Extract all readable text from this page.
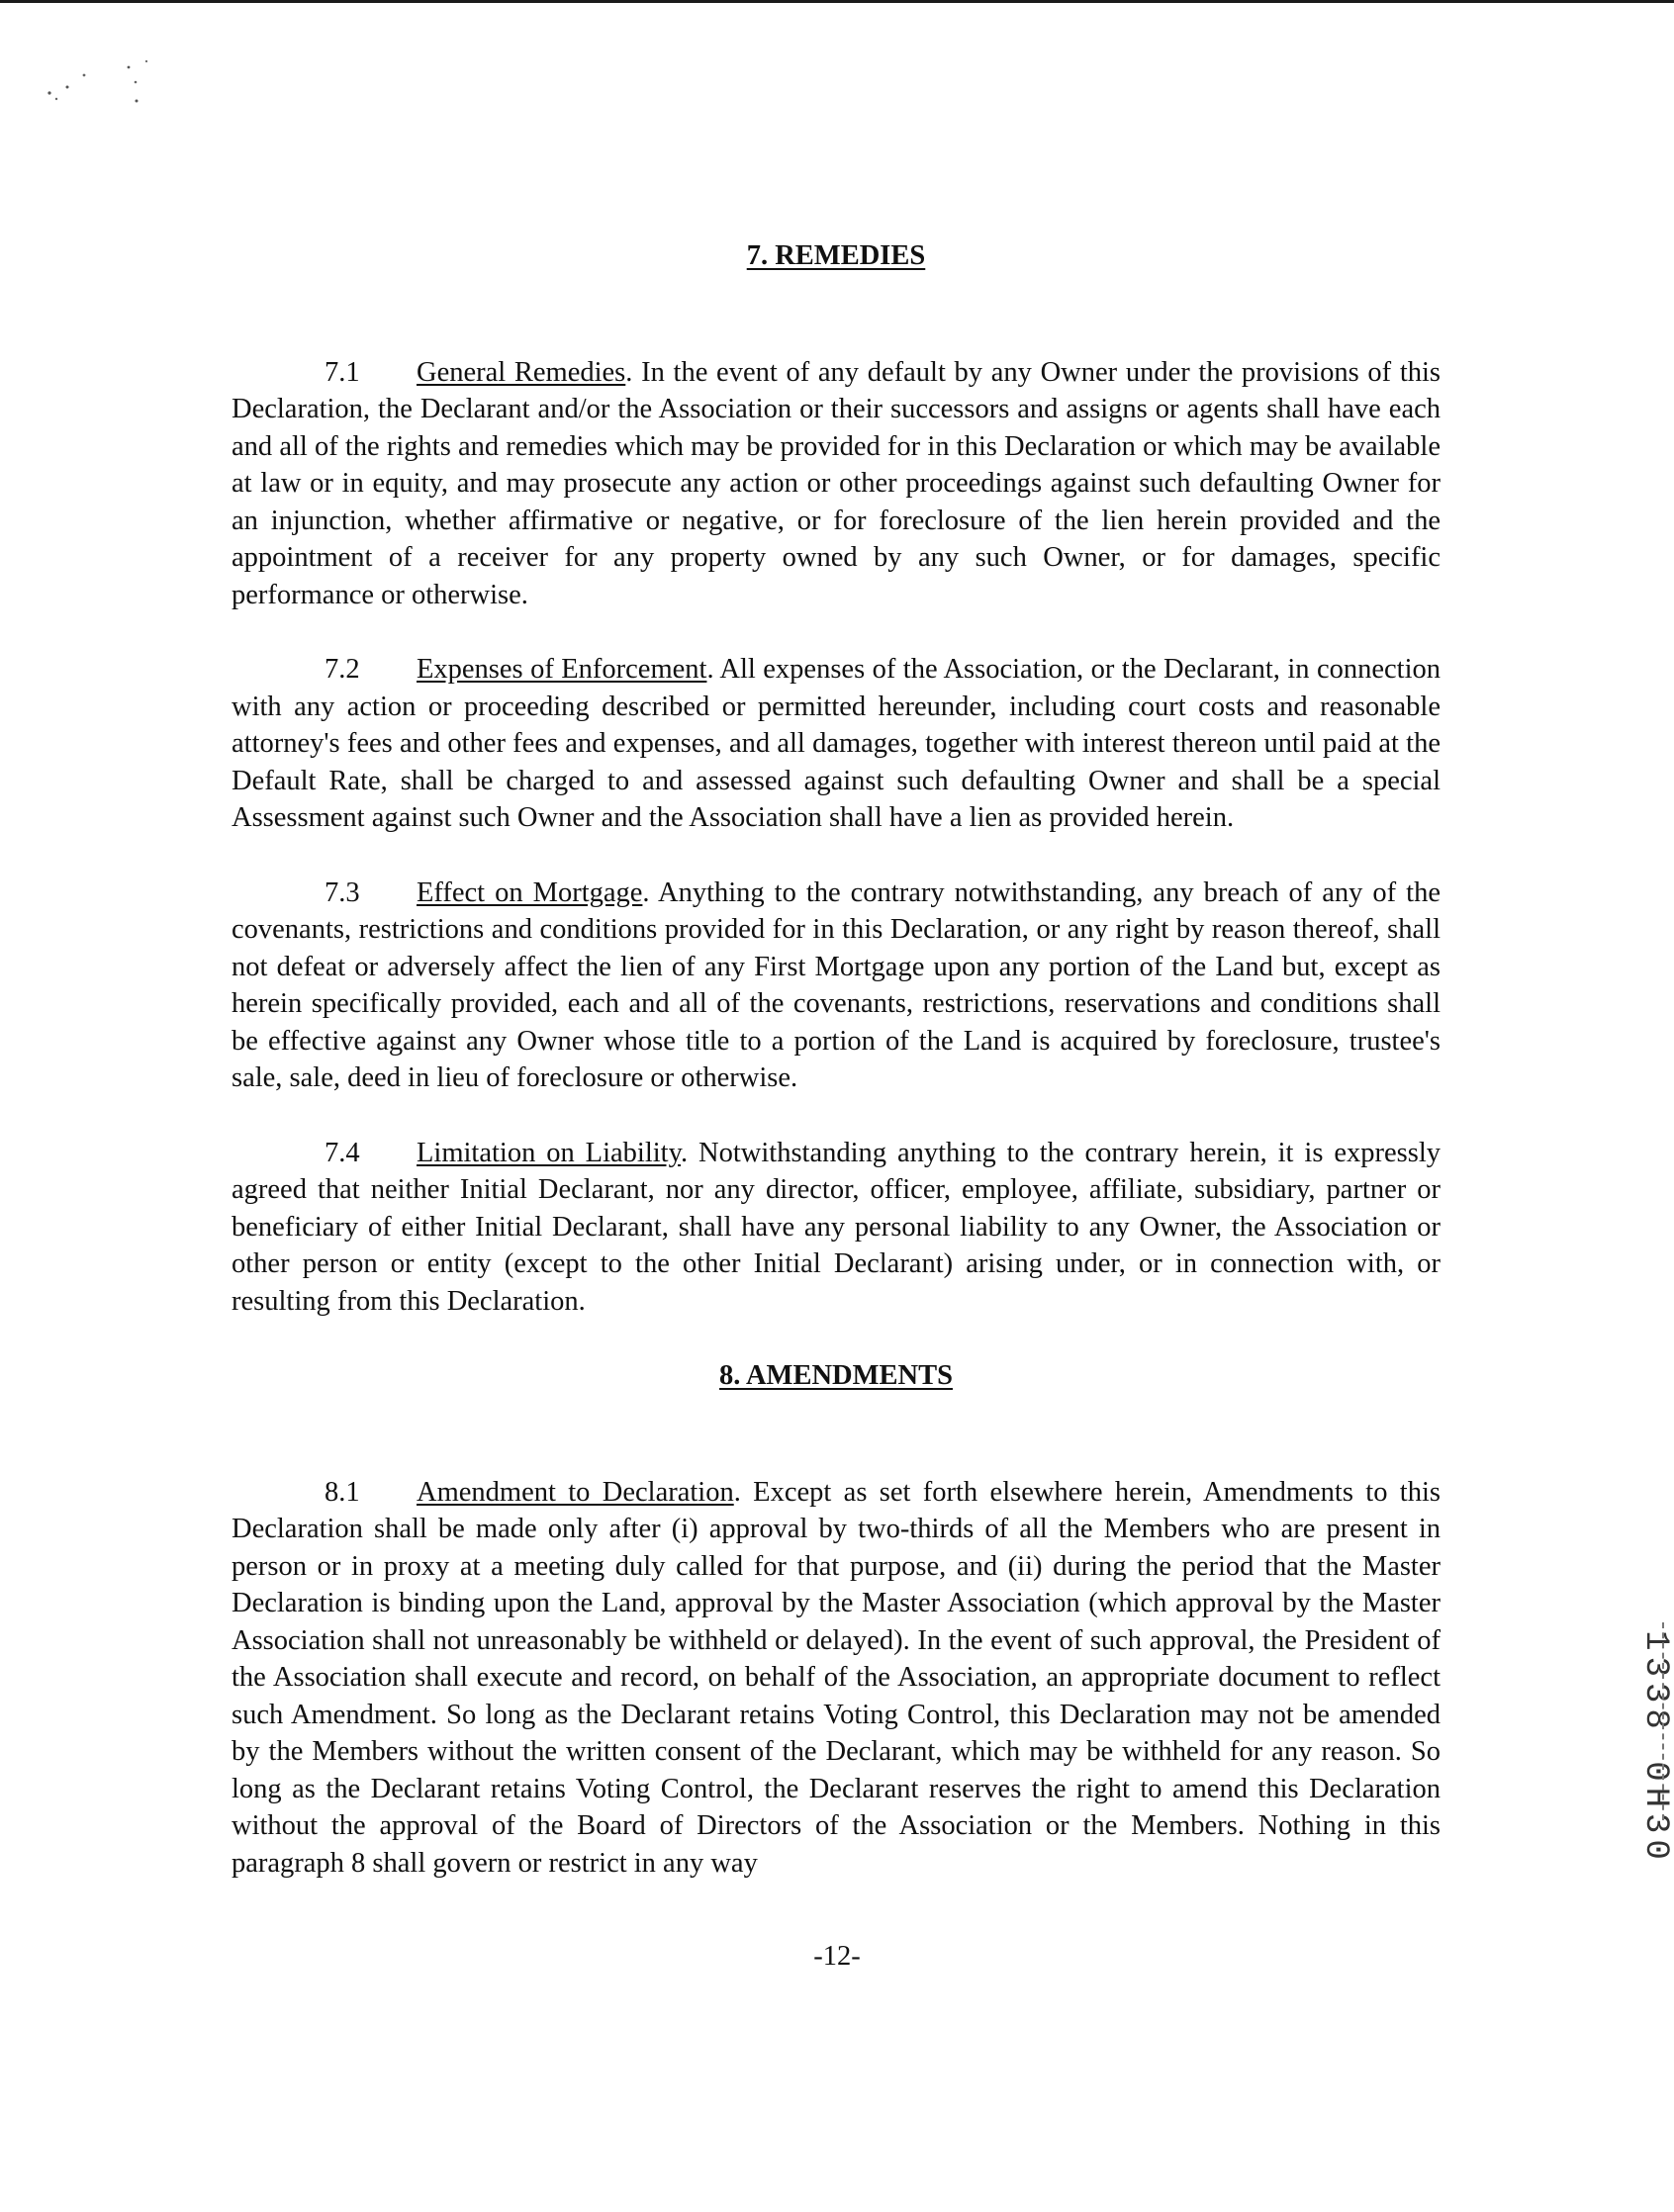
7. REMEDIES

7.1 General Remedies. In the event of any default by any Owner under the provisions of this Declaration, the Declarant and/or the Association or their successors and assigns or agents shall have each and all of the rights and remedies which may be provided for in this Declaration or which may be available at law or in equity, and may prosecute any action or other proceedings against such defaulting Owner for an injunction, whether affirmative or negative, or for foreclosure of the lien herein provided and the appointment of a receiver for any property owned by any such Owner, or for damages, specific performance or otherwise.

7.2 Expenses of Enforcement. All expenses of the Association, or the Declarant, in connection with any action or proceeding described or permitted hereunder, including court costs and reasonable attorney's fees and other fees and expenses, and all damages, together with interest thereon until paid at the Default Rate, shall be charged to and assessed against such defaulting Owner and shall be a special Assessment against such Owner and the Association shall have a lien as provided herein.

7.3 Effect on Mortgage. Anything to the contrary notwithstanding, any breach of any of the covenants, restrictions and conditions provided for in this Declaration, or any right by reason thereof, shall not defeat or adversely affect the lien of any First Mortgage upon any portion of the Land but, except as herein specifically provided, each and all of the covenants, restrictions, reservations and conditions shall be effective against any Owner whose title to a portion of the Land is acquired by foreclosure, trustee's sale, sale, deed in lieu of foreclosure or otherwise.

7.4 Limitation on Liability. Notwithstanding anything to the contrary herein, it is expressly agreed that neither Initial Declarant, nor any director, officer, employee, affiliate, subsidiary, partner or beneficiary of either Initial Declarant, shall have any personal liability to any Owner, the Association or other person or entity (except to the other Initial Declarant) arising under, or in connection with, or resulting from this Declaration.

8. AMENDMENTS

8.1 Amendment to Declaration. Except as set forth elsewhere herein, Amendments to this Declaration shall be made only after (i) approval by two-thirds of all the Members who are present in person or in proxy at a meeting duly called for that purpose, and (ii) during the period that the Master Declaration is binding upon the Land, approval by the Master Association (which approval by the Master Association shall not unreasonably be withheld or delayed). In the event of such approval, the President of the Association shall execute and record, on behalf of the Association, an appropriate document to reflect such Amendment. So long as the Declarant retains Voting Control, this Declaration may not be amended by the Members without the written consent of the Declarant, which may be withheld for any reason. So long as the Declarant retains Voting Control, the Declarant reserves the right to amend this Declaration without the approval of the Board of Directors of the Association or the Members. Nothing in this paragraph 8 shall govern or restrict in any way

-12-
1338 0H30
